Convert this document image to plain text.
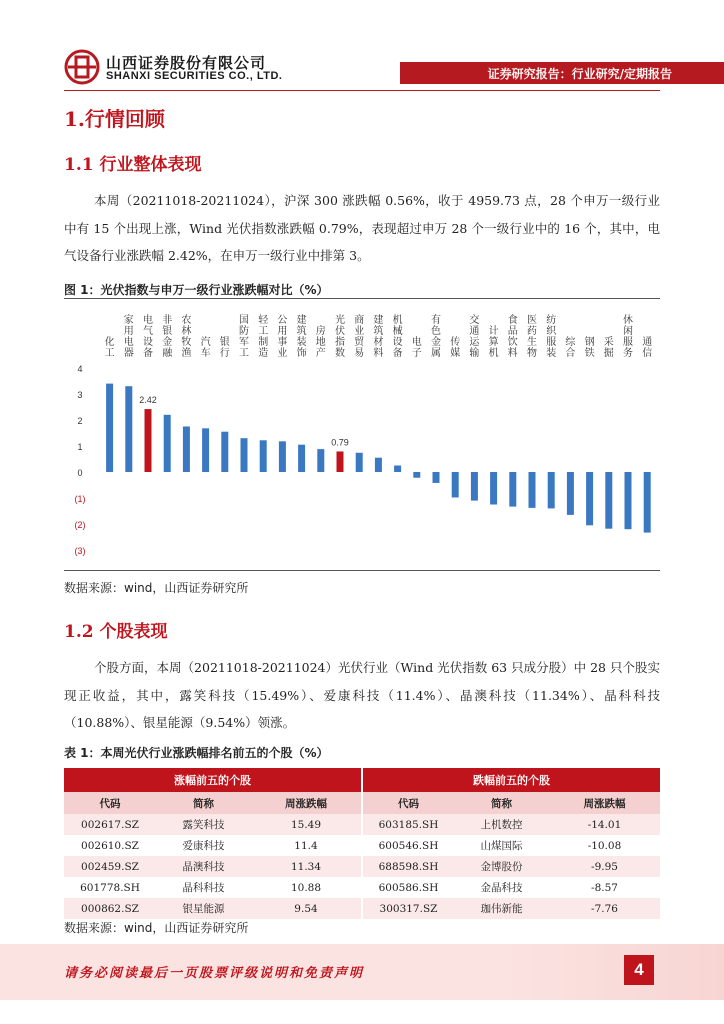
山西证券股份有限公司
SHANXI SECURITIES CO., LTD.	证券研究报告：行业研究/定期报告
1.行情回顾
1.1 行业整体表现
本周（20211018-20211024），沪深 300 涨跌幅 0.56%，收于 4959.73 点，28 个申万一级行业中有 15 个出现上涨，Wind 光伏指数涨跌幅 0.79%，表现超过申万 28 个一级行业中的 16 个，其中，电气设备行业涨跌幅 2.42%，在申万一级行业中排第 3。
图 1：光伏指数与申万一级行业涨跌幅对比（%）
化工
家用电器
电气设备
非银金融
农林牧渔
汽车
银行
国防军工
轻工制造
公用事业
建筑装饰
房地产
光伏指数
商业贸易
建筑材料
机械设备
电子
有色金属
传媒
交通运输
计算机
食品饮料
医药生物
纺织服装
综合
钢铁
采掘
休闲服务
通信
4
3
2
1
0
(1)
(2)
(3)
2.42
0.79
数据来源：wind，山西证券研究所
1.2 个股表现
个股方面，本周（20211018-20211024）光伏行业（Wind 光伏指数 63 只成分股）中 28 只个股实现正收益，其中，露笑科技（15.49%）、爱康科技（11.4%）、晶澳科技（11.34%）、晶科科技（10.88%）、银星能源（9.54%）领涨。
表 1：本周光伏行业涨跌幅排名前五的个股（%）
涨幅前五的个股			跌幅前五的个股		
代码	简称	周涨跌幅	代码	简称	周涨跌幅
002617.SZ	露笑科技	15.49	603185.SH	上机数控	-14.01
002610.SZ	爱康科技	11.4	600546.SH	山煤国际	-10.08
002459.SZ	晶澳科技	11.34	688598.SH	金博股份	-9.95
601778.SH	晶科科技	10.88	600586.SH	金晶科技	-8.57
000862.SZ	银星能源	9.54	300317.SZ	珈伟新能	-7.76
数据来源：wind，山西证券研究所
请务必阅读最后一页股票评级说明和免责声明	4
